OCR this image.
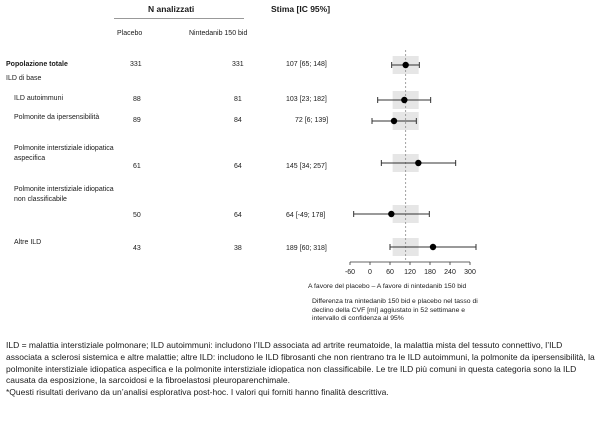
N analizzati	Stima [IC 95%]
Placebo	Nintedanib 150 bid
Popolazione totale	331	331	107 [65; 148]
ILD di base
ILD autoimmuni	88	81	103 [23; 182]
Polmonite da ipersensibilità	89	84	72 [6; 139]
Polmonite interstiziale idiopatica aspecifica
61	64	145 [34; 257]
Polmonite interstiziale idiopatica non classificabile
50	64	64 [-49; 178]
Altre ILD
43	38	189 [60; 318]
-60 0 60 120 180 240 300
A favore del placebo – A favore di nintedanib 150 bid
Differenza tra nintedanib 150 bid e placebo nel tasso di declino della CVF [ml] aggiustato in 52 settimane e intervallo di confidenza al 95%

ILD = malattia interstiziale polmonare; ILD autoimmuni: includono l’ILD associata ad artrite reumatoide, la malattia mista del tessuto connettivo, l’ILD associata a sclerosi sistemica e altre malattie; altre ILD: includono le ILD fibrosanti che non rientrano tra le ILD autoimmuni, la polmonite da ipersensibilità, la polmonite interstiziale idiopatica aspecifica e la polmonite interstiziale idiopatica non classificabile. Le tre ILD più comuni in questa categoria sono la ILD causata da esposizione, la sarcoidosi e la fibroelastosi pleuroparenchimale.

*Questi risultati derivano da un’analisi esplorativa post-hoc. I valori qui forniti hanno finalità descrittiva.
